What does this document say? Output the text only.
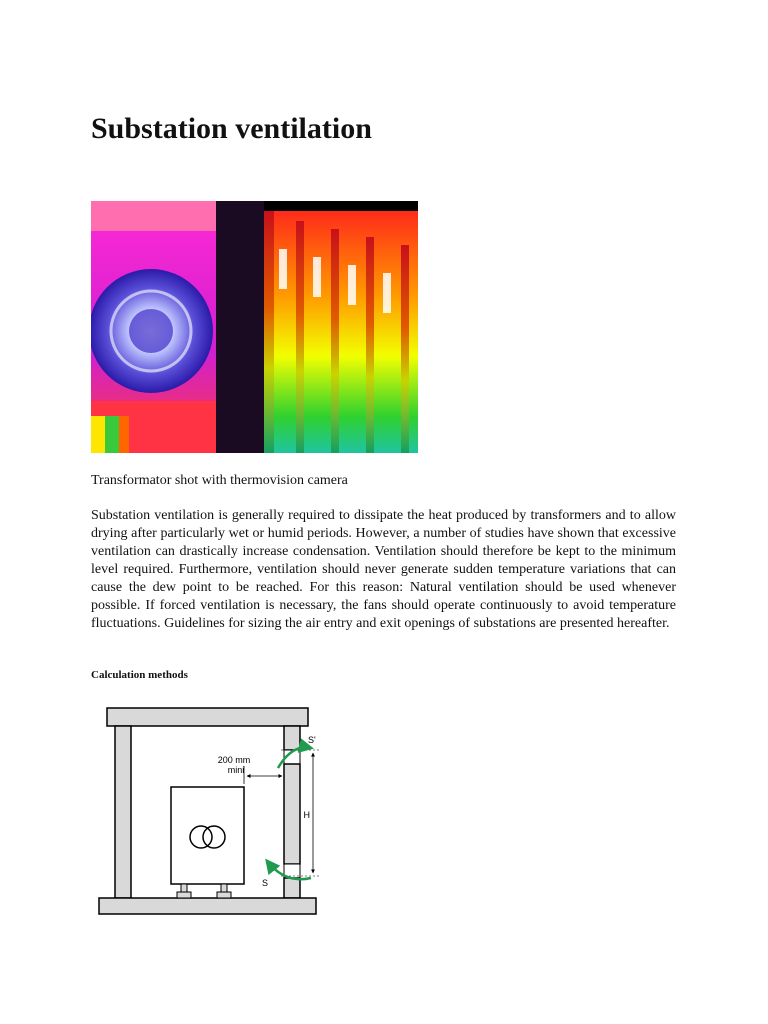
Substation ventilation

Transformator shot with thermovision camera

Substation ventilation is generally required to dissipate the heat produced by transformers and to allow drying after particularly wet or humid periods. However, a number of studies have shown that excessive ventilation can drastically increase condensation. Ventilation should therefore be kept to the minimum level required. Furthermore, ventilation should never generate sudden temperature variations that can cause the dew point to be reached. For this reason: Natural ventilation should be used whenever possible. If forced ventilation is necessary, the fans should operate continuously to avoid temperature fluctuations. Guidelines for sizing the air entry and exit openings of substations are presented hereafter.

Calculation methods

200 mm
mini
H
S'
S
